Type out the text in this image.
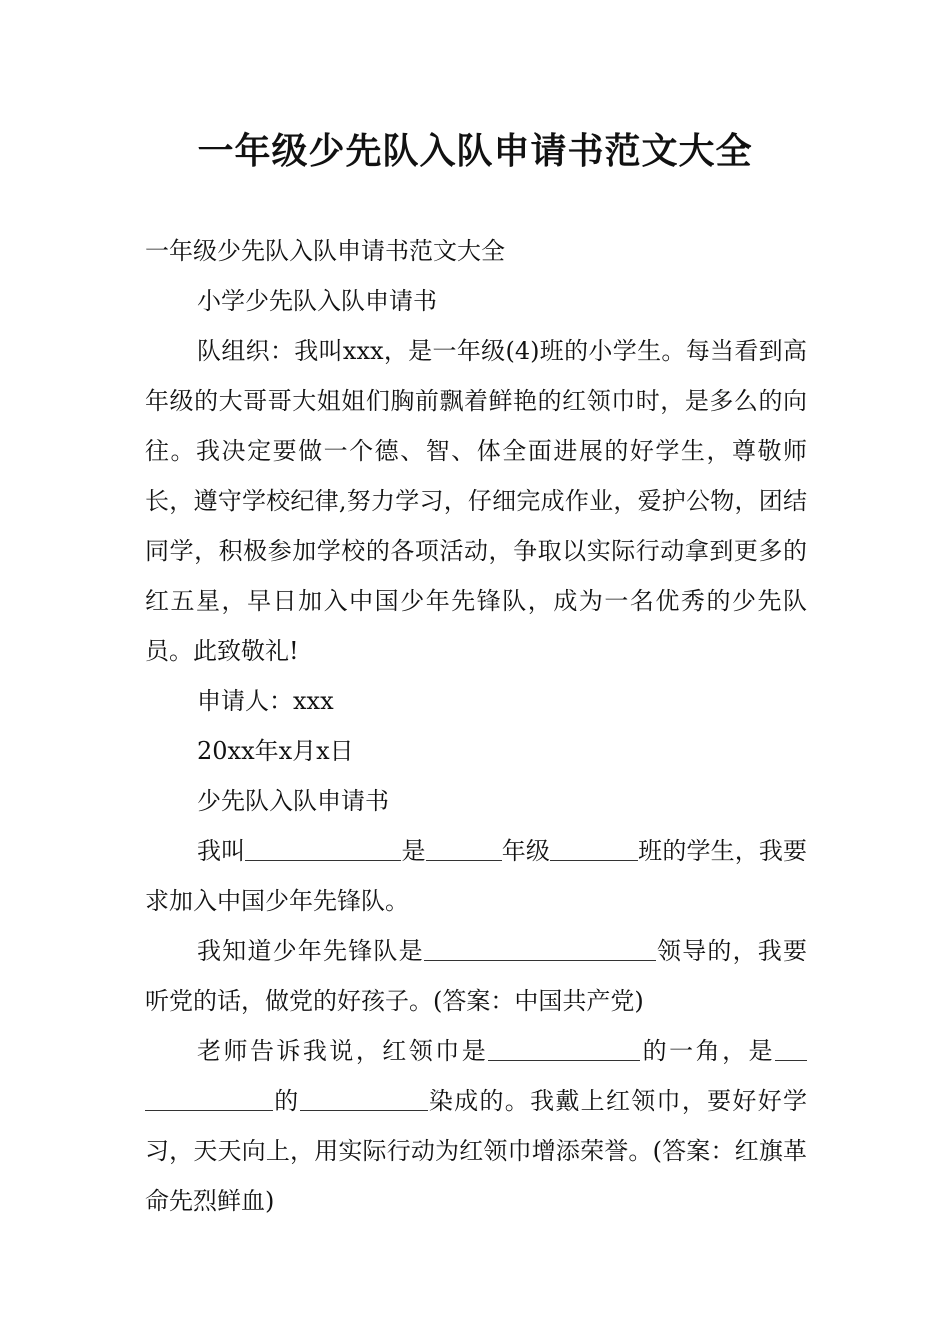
一年级少先队入队申请书范文大全

一年级少先队入队申请书范文大全

小学少先队入队申请书

队组织：我叫xxx，是一年级(4)班的小学生。每当看到高年级的大哥哥大姐姐们胸前飘着鲜艳的红领巾时，是多么的向往。我决定要做一个德、智、体全面进展的好学生，尊敬师长，遵守学校纪律,努力学习，仔细完成作业，爱护公物，团结同学，积极参加学校的各项活动，争取以实际行动拿到更多的红五星，早日加入中国少年先锋队，成为一名优秀的少先队员。此致敬礼!

申请人：xxx

20xx年x月x日

少先队入队申请书

我叫	是	年级	班的学生，我要求加入中国少年先锋队。

我知道少年先锋队是	领导的，我要听党的话，做党的好孩子。(答案：中国共产党)

老师告诉我说，红领巾是	的一角，是的	染成的。我戴上红领巾，要好好学习，天天向上，用实际行动为红领巾增添荣誉。(答案：红旗革命先烈鲜血)
